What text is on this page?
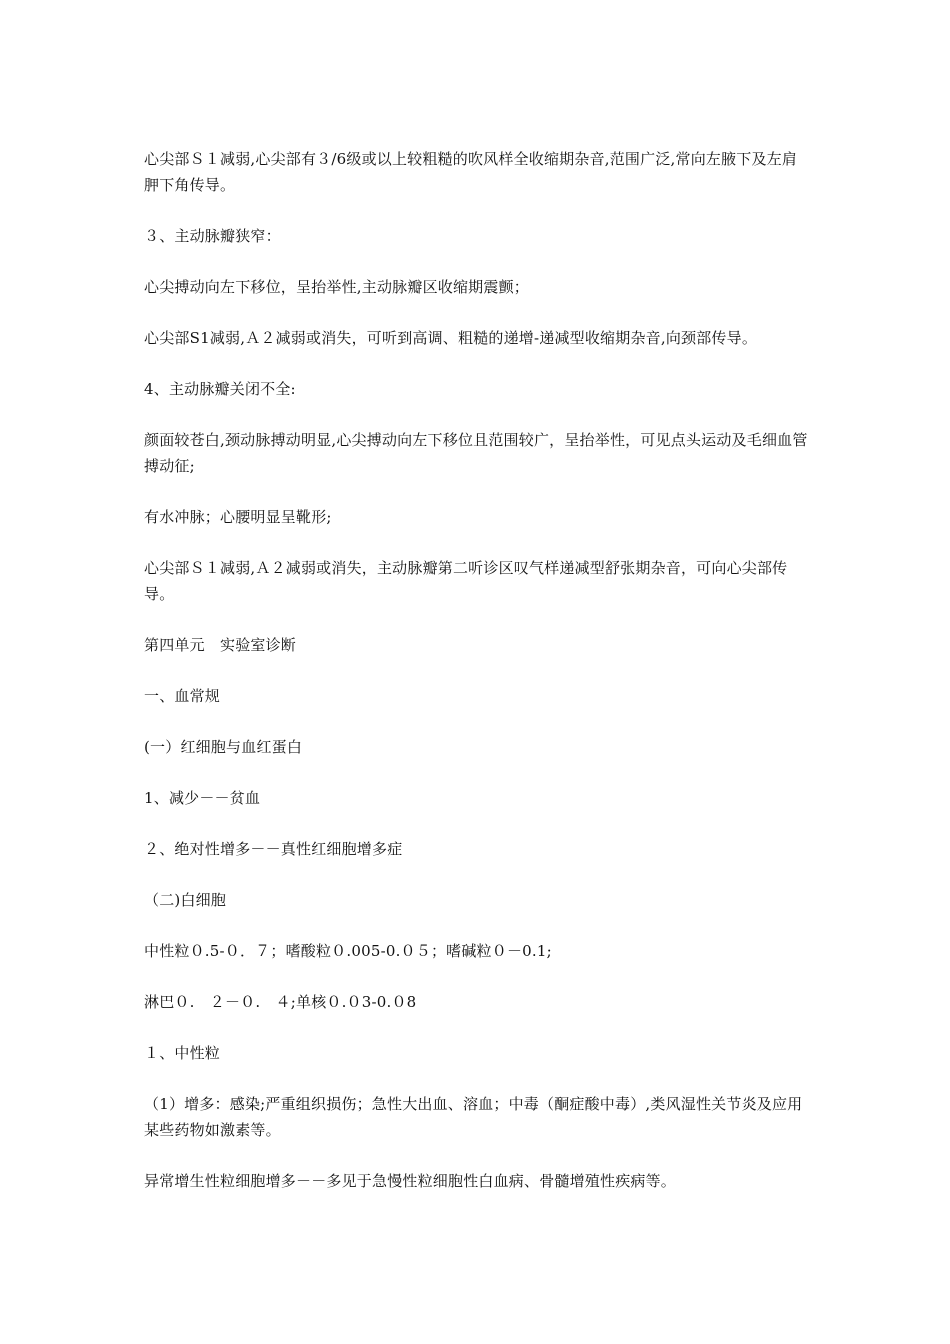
心尖部Ｓ１减弱,心尖部有３/6级或以上较粗糙的吹风样全收缩期杂音,范围广泛,常向左腋下及左肩胛下角传导。

３、主动脉瓣狭窄：

心尖搏动向左下移位，呈抬举性,主动脉瓣区收缩期震颤；

心尖部S1减弱,Ａ２减弱或消失，可听到高调、粗糙的递增-递减型收缩期杂音,向颈部传导。

4、主动脉瓣关闭不全:

颜面较苍白,颈动脉搏动明显,心尖搏动向左下移位且范围较广，呈抬举性，可见点头运动及毛细血管搏动征;

有水冲脉；心腰明显呈靴形;

心尖部Ｓ１减弱,Ａ２减弱或消失，主动脉瓣第二听诊区叹气样递减型舒张期杂音，可向心尖部传导。

第四单元　实验室诊断

一、血常规

(一）红细胞与血红蛋白

1、减少－－贫血

２、绝对性增多－－真性红细胞增多症

（二)白细胞

中性粒０.5-０．７；嗜酸粒０.005-0.０５；嗜碱粒０－0.1;

淋巴０.　２－０.　４;单核０.０3-0.０8

１、中性粒

（1）增多：感染;严重组织损伤；急性大出血、溶血；中毒（酮症酸中毒）,类风湿性关节炎及应用某些药物如激素等。

异常增生性粒细胞增多－－多见于急慢性粒细胞性白血病、骨髓增殖性疾病等。
